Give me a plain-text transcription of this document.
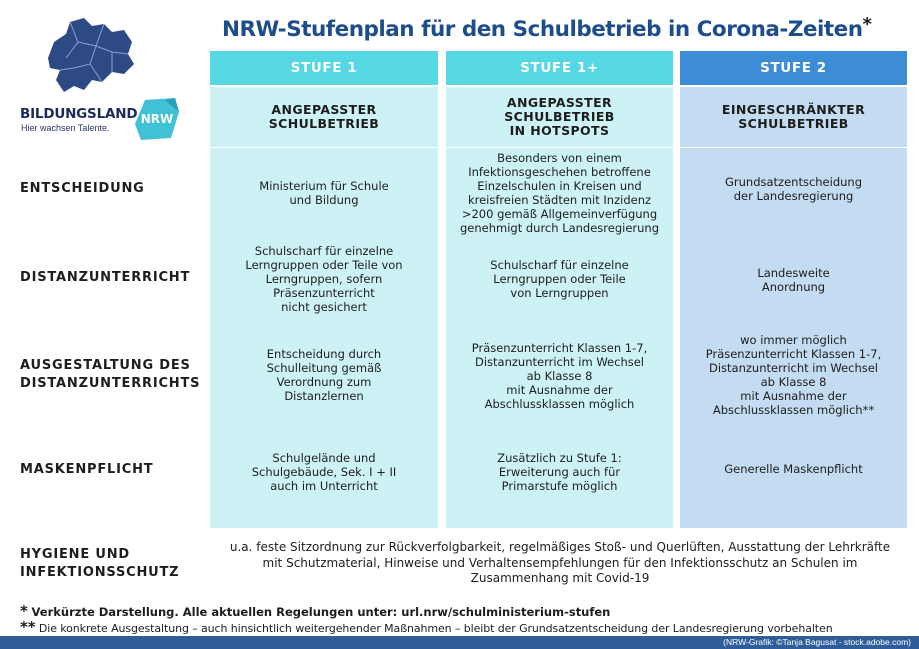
BILDUNGSLAND
Hier wachsen Talente.
NRW
NRW-Stufenplan für den Schulbetrieb in Corona-Zeiten*
STUFE 1	STUFE 1+	STUFE 2
ANGEPASSTER
SCHULBETRIEB
ANGEPASSTER
SCHULBETRIEB
IN HOTSPOTS
EINGESCHRÄNKTER
SCHULBETRIEB
ENTSCHEIDUNG
DISTANZUNTERRICHT
AUSGESTALTUNG DES
DISTANZUNTERRICHTS
MASKENPFLICHT
Ministerium für Schule
und Bildung
Besonders von einem
Infektionsgeschehen betroffene
Einzelschulen in Kreisen und
kreisfreien Städten mit Inzidenz
>200 gemäß Allgemeinverfügung
genehmigt durch Landesregierung
Grundsatzentscheidung
der Landesregierung
Schulscharf für einzelne
Lerngruppen oder Teile von
Lerngruppen, sofern
Präsenzunterricht
nicht gesichert
Schulscharf für einzelne
Lerngruppen oder Teile
von Lerngruppen
Landesweite
Anordnung
Entscheidung durch
Schulleitung gemäß
Verordnung zum
Distanzlernen
Präsenzunterricht Klassen 1-7,
Distanzunterricht im Wechsel
ab Klasse 8
mit Ausnahme der
Abschlussklassen möglich
wo immer möglich
Präsenzunterricht Klassen 1-7,
Distanzunterricht im Wechsel
ab Klasse 8
mit Ausnahme der
Abschlussklassen möglich**
Schulgelände und
Schulgebäude, Sek. I + II
auch im Unterricht
Zusätzlich zu Stufe 1:
Erweiterung auch für
Primarstufe möglich
Generelle Maskenpflicht
HYGIENE UND
INFEKTIONSSCHUTZ
u.a. feste Sitzordnung zur Rückverfolgbarkeit, regelmäßiges Stoß- und Querlüften, Ausstattung der Lehrkräfte mit Schutzmaterial, Hinweise und Verhaltensempfehlungen für den Infektionsschutz an Schulen im Zusammenhang mit Covid-19
* Verkürzte Darstellung. Alle aktuellen Regelungen unter: url.nrw/schulministerium-stufen
** Die konkrete Ausgestaltung – auch hinsichtlich weitergehender Maßnahmen – bleibt der Grundsatzentscheidung der Landesregierung vorbehalten
(NRW-Grafik: ©Tanja Bagusat - stock.adobe.com)
